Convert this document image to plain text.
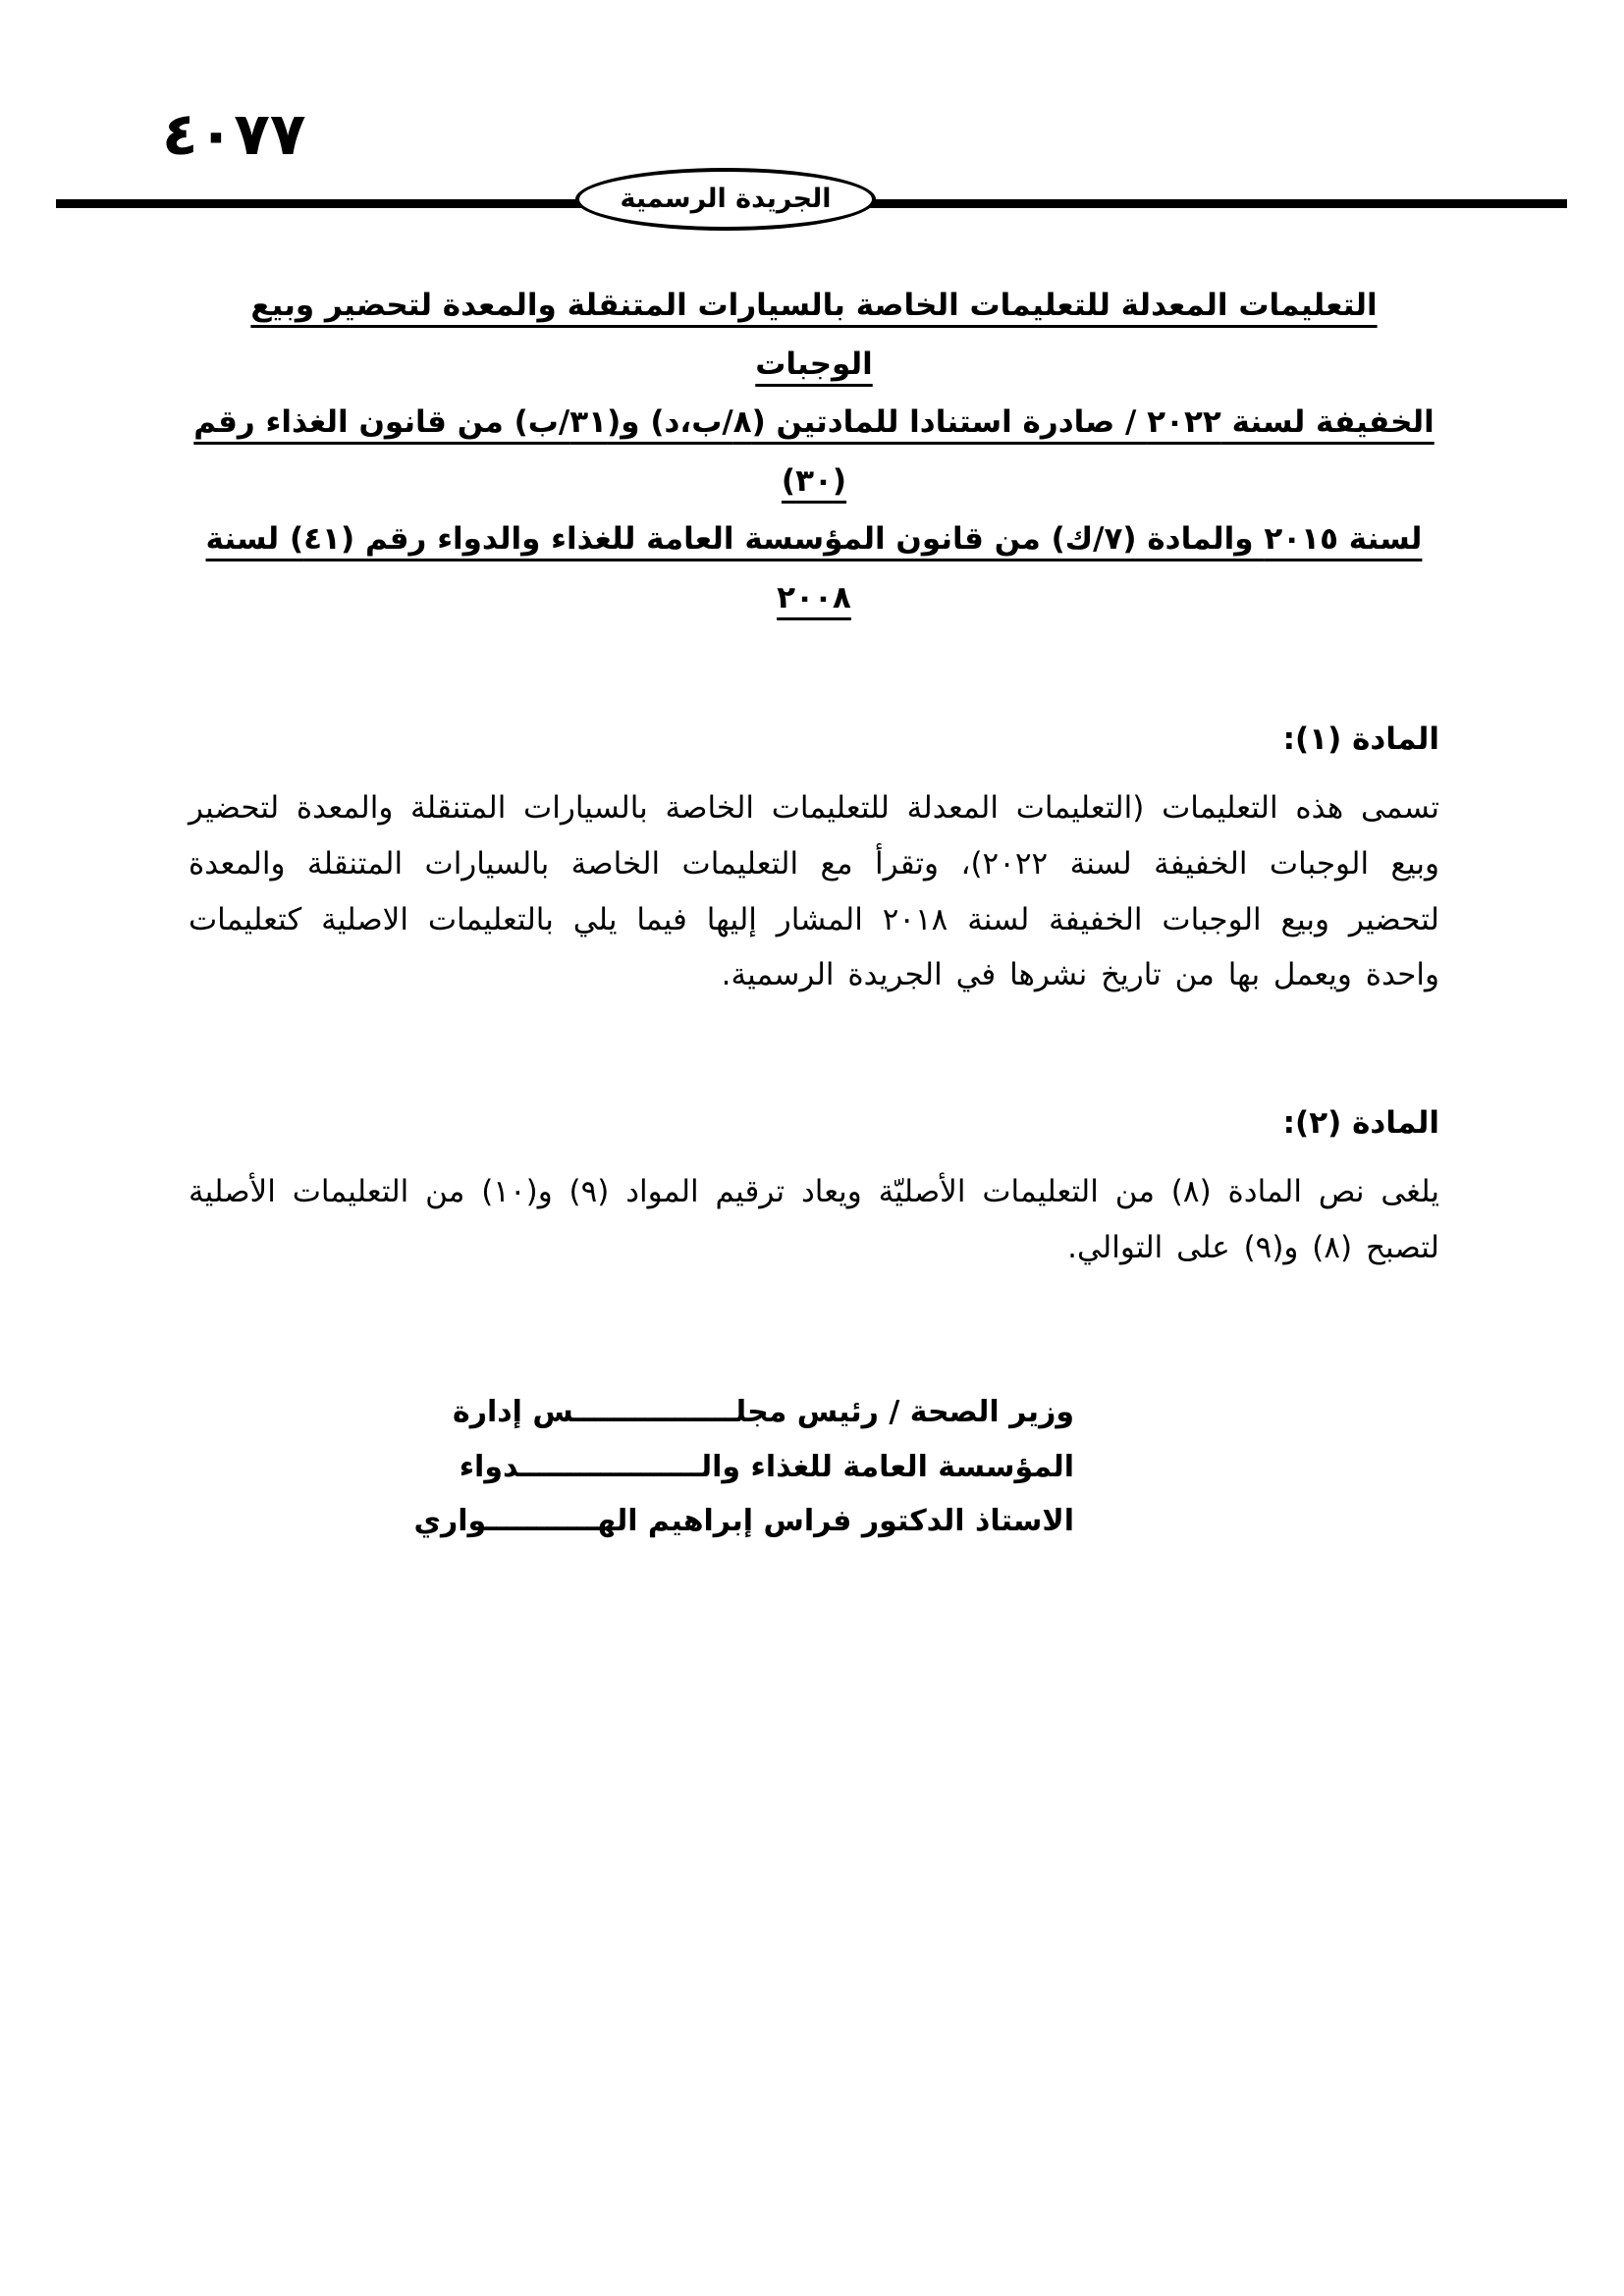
٤٠٧٧
الجريدة الرسمية
التعليمات المعدلة للتعليمات الخاصة بالسيارات المتنقلة والمعدة لتحضير وبيع الوجبات
الخفيفة لسنة ٢٠٢٢ / صادرة استنادا للمادتين (٨/ب،د) و(٣١/ب) من قانون الغذاء رقم (٣٠)
لسنة ٢٠١٥ والمادة (٧/ك) من قانون المؤسسة العامة للغذاء والدواء رقم (٤١) لسنة ٢٠٠٨
المادة (١):

تسمى هذه التعليمات (التعليمات المعدلة للتعليمات الخاصة بالسيارات المتنقلة والمعدة لتحضير وبيع الوجبات الخفيفة لسنة ٢٠٢٢)، وتقرأ مع التعليمات الخاصة بالسيارات المتنقلة والمعدة لتحضير وبيع الوجبات الخفيفة لسنة ٢٠١٨ المشار إليها فيما يلي بالتعليمات الاصلية كتعليمات واحدة ويعمل بها من تاريخ نشرها في الجريدة الرسمية.

المادة (٢):

يلغى نص المادة (٨) من التعليمات الأصليّة ويعاد ترقيم المواد (٩) و(١٠) من التعليمات الأصلية لتصبح (٨) و(٩) على التوالي.

وزير الصحة / رئيس مجلــــــــــــــــس إدارة
المؤسسة العامة للغذاء والــــــــــــــــــدواء
الاستاذ الدكتور فراس إبراهيم الهـــــــــــواري
